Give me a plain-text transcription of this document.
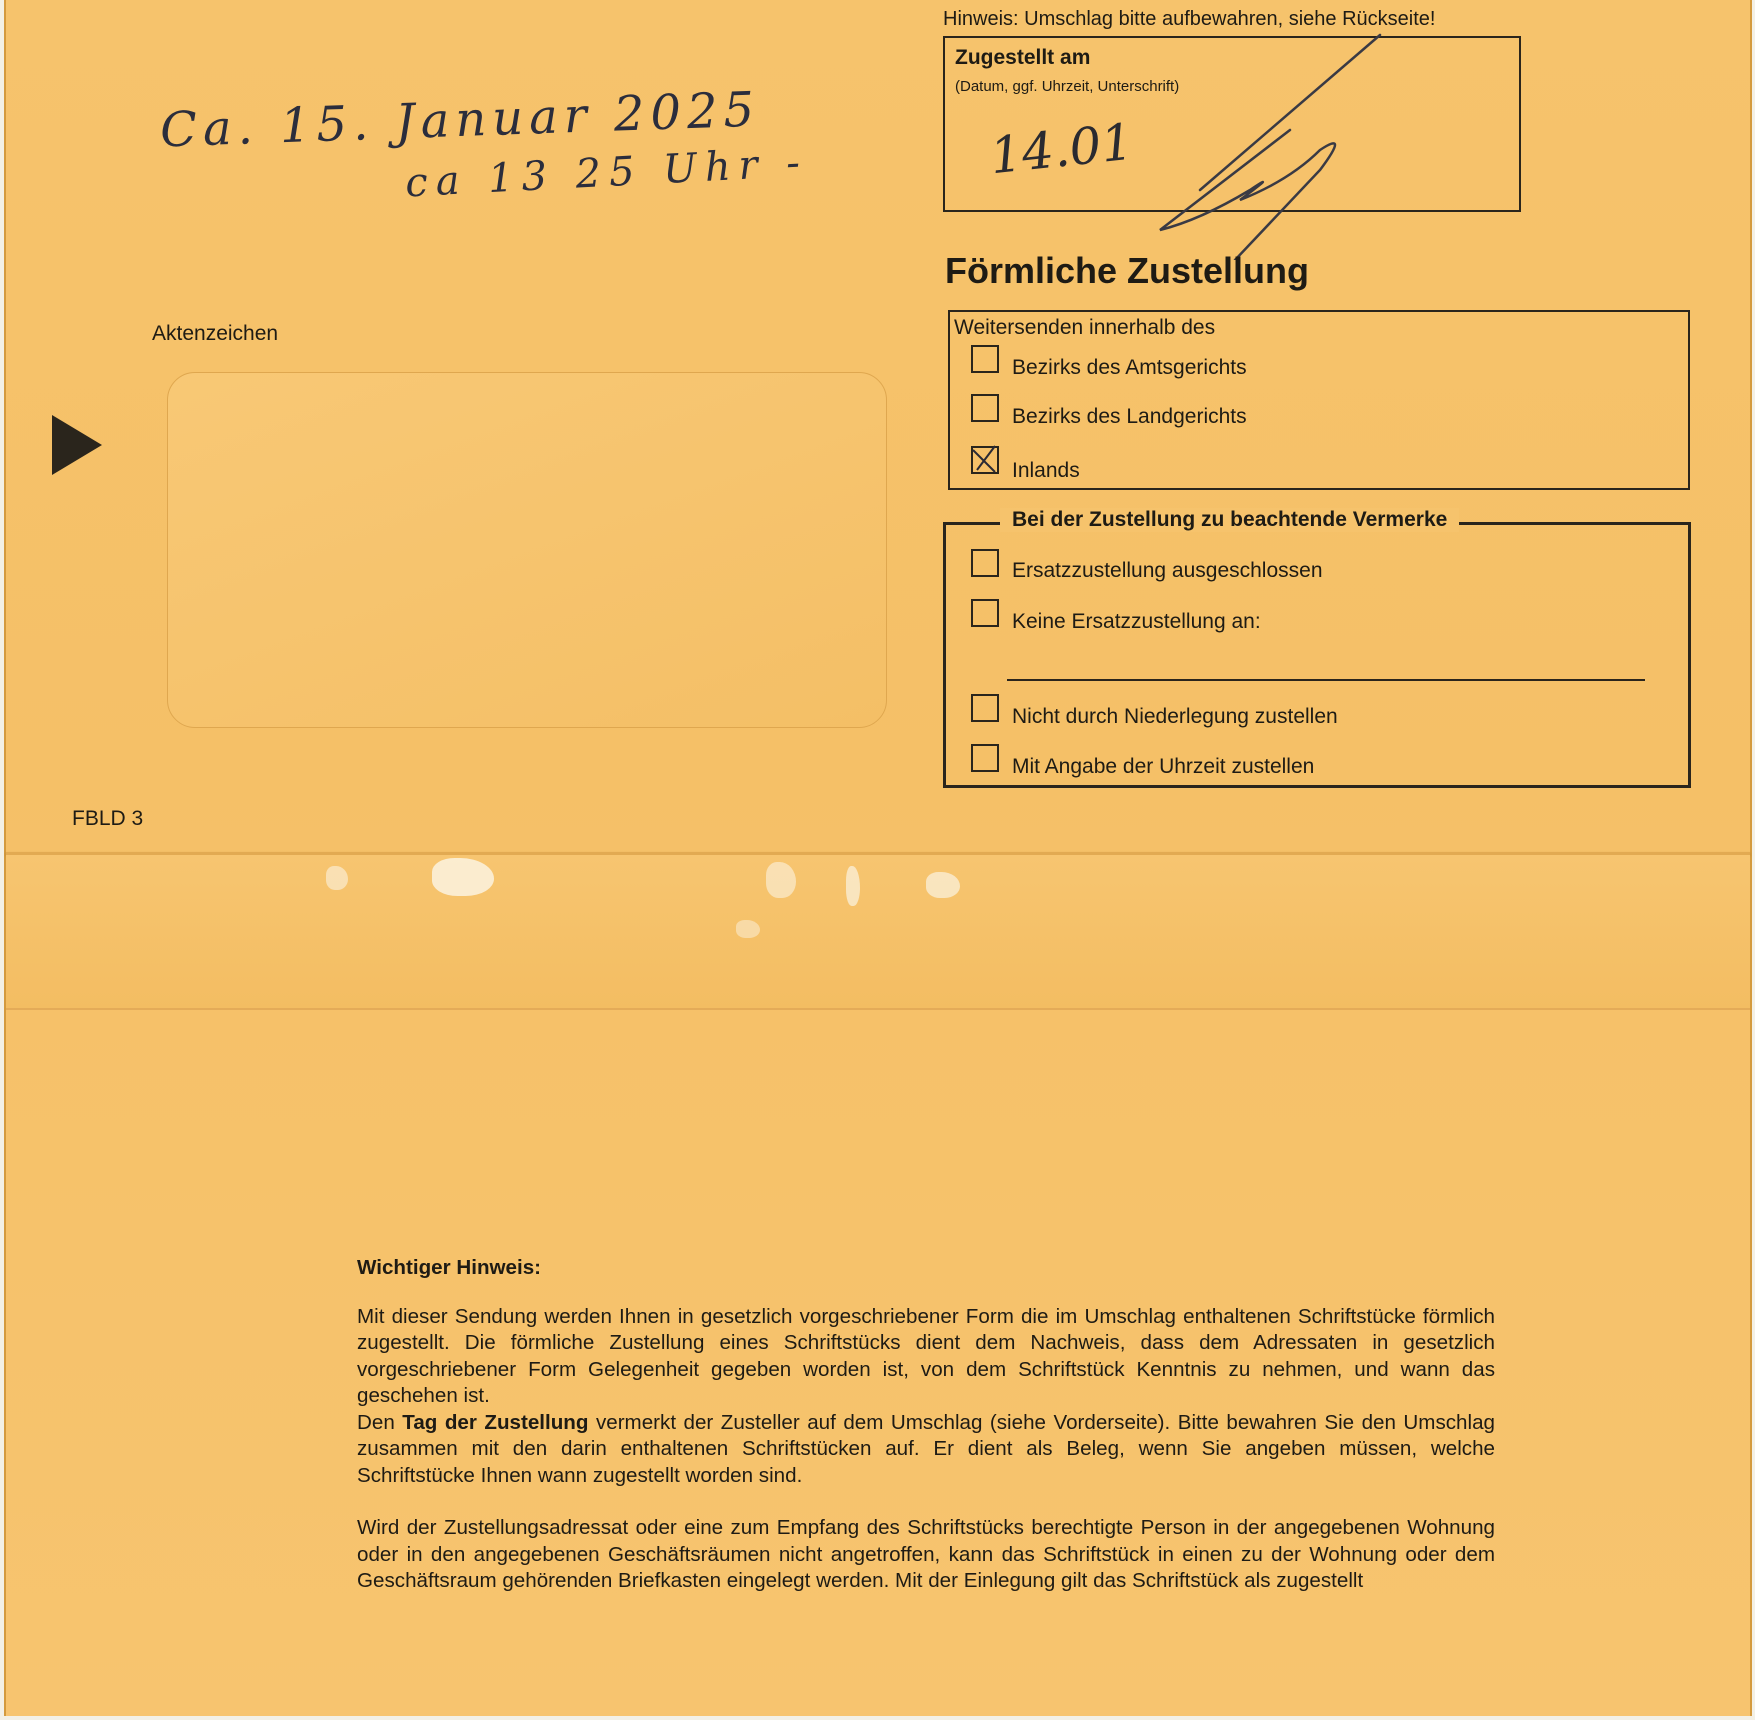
Hinweis: Umschlag bitte aufbewahren, siehe Rückseite!
Zugestellt am
(Datum, ggf. Uhrzeit, Unterschrift)
14.01
Ca. 15. Januar 2025
ca 13 25 Uhr -
Förmliche Zustellung
Weitersenden innerhalb des
Bezirks des Amtsgerichts
Bezirks des Landgerichts
Inlands
Bei der Zustellung zu beachtende Vermerke
Ersatzzustellung ausgeschlossen
Keine Ersatzzustellung an:
Nicht durch Niederlegung zustellen
Mit Angabe der Uhrzeit zustellen
Aktenzeichen
FBLD 3
Wichtiger Hinweis:

Mit dieser Sendung werden Ihnen in gesetzlich vorgeschriebener Form die im Umschlag enthaltenen Schriftstücke förmlich zugestellt. Die förmliche Zustellung eines Schriftstücks dient dem Nachweis, dass dem Adressaten in gesetzlich vorgeschriebener Form Gelegenheit gegeben worden ist, von dem Schriftstück Kenntnis zu nehmen, und wann das geschehen ist.

Den Tag der Zustellung vermerkt der Zusteller auf dem Umschlag (siehe Vorderseite). Bitte bewahren Sie den Umschlag zusammen mit den darin enthaltenen Schriftstücken auf. Er dient als Beleg, wenn Sie angeben müssen, welche Schriftstücke Ihnen wann zugestellt worden sind.

Wird der Zustellungsadressat oder eine zum Empfang des Schriftstücks berechtigte Person in der angegebenen Wohnung oder in den angegebenen Geschäftsräumen nicht angetroffen, kann das Schriftstück in einen zu der Wohnung oder dem Geschäftsraum gehörenden Briefkasten eingelegt werden. Mit der Einlegung gilt das Schriftstück als zugestellt
